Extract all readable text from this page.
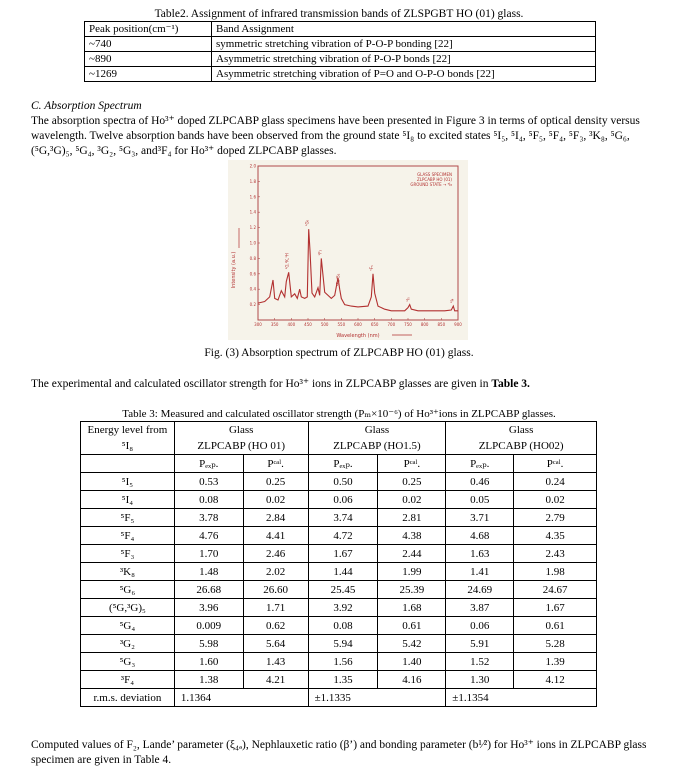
Table2. Assignment of infrared transmission bands of ZLSPGBT HO (01) glass.
Peak position(cm⁻¹)	Band Assignment
~740	symmetric stretching vibration of P-O-P bonding [22]
~890	Asymmetric stretching vibration of P-O-P bonds [22]
~1269	Asymmetric stretching vibration of P=O and O-P-O bonds [22]
C. Absorption Spectrum
The absorption spectra of Ho³⁺ doped ZLPCABP glass specimens have been presented in Figure 3 in terms of optical density versus wavelength. Twelve absorption bands have been observed from the ground state ⁵I₈ to excited states ⁵I₅, ⁵I₄, ⁵F₅, ⁵F₄, ⁵F₃, ³K₈, ⁵G₆, (⁵G,³G)₅, ⁵G₄, ³G₂, ⁵G₃, and³F₄ for Ho³⁺ doped ZLPCABP glasses.
0.2
0.4
0.6
0.8
1.0
1.2
1.4
1.6
1.8
2.0
300 350 400 450 500 550 600 650 700 750 800 850 900
⁵G₆
³G,³K,³H
⁵F₃
⁵F₄,⁵S₂
⁵F₅
⁵I₅	⁵I₄
GLASS SPECIMEN
ZLPCABP HO (01)
GROUND STATE → ⁵I₈
Wavelength (nm)
Intensity (a.u.)
Fig. (3) Absorption spectrum of ZLPCABP HO (01) glass.
The experimental and calculated oscillator strength for Ho³⁺ ions in ZLPCABP glasses are given in Table 3.
Table 3: Measured and calculated oscillator strength (Pₘ×10⁻⁶) of Ho³⁺ions in ZLPCABP glasses.
Energy level from	Glass		Glass		Glass	
⁵I₈	ZLPCABP (HO 01)		ZLPCABP (HO1.5)		ZLPCABP (HO02)	
	Pₑₓₚ.	Pᶜᵃˡ.	Pₑₓₚ.	Pᶜᵃˡ.	Pₑₓₚ.	Pᶜᵃˡ.
⁵I₅	0.53	0.25	0.50	0.25	0.46	0.24
⁵I₄	0.08	0.02	0.06	0.02	0.05	0.02
⁵F₅	3.78	2.84	3.74	2.81	3.71	2.79
⁵F₄	4.76	4.41	4.72	4.38	4.68	4.35
⁵F₃	1.70	2.46	1.67	2.44	1.63	2.43
³K₈	1.48	2.02	1.44	1.99	1.41	1.98
⁵G₆	26.68	26.60	25.45	25.39	24.69	24.67
(⁵G,³G)₅	3.96	1.71	3.92	1.68	3.87	1.67
⁵G₄	0.009	0.62	0.08	0.61	0.06	0.61
³G₂	5.98	5.64	5.94	5.42	5.91	5.28
⁵G₃	1.60	1.43	1.56	1.40	1.52	1.39
³F₄	1.38	4.21	1.35	4.16	1.30	4.12
r.m.s. deviation	1.1364		±1.1335		±1.1354	
Computed values of F₂, Lande’ parameter (ξ₄ₔ), Nephlauxetic ratio (β’) and bonding parameter (b¹⁄²) for Ho³⁺ ions in ZLPCABP glass specimen are given in Table 4.
